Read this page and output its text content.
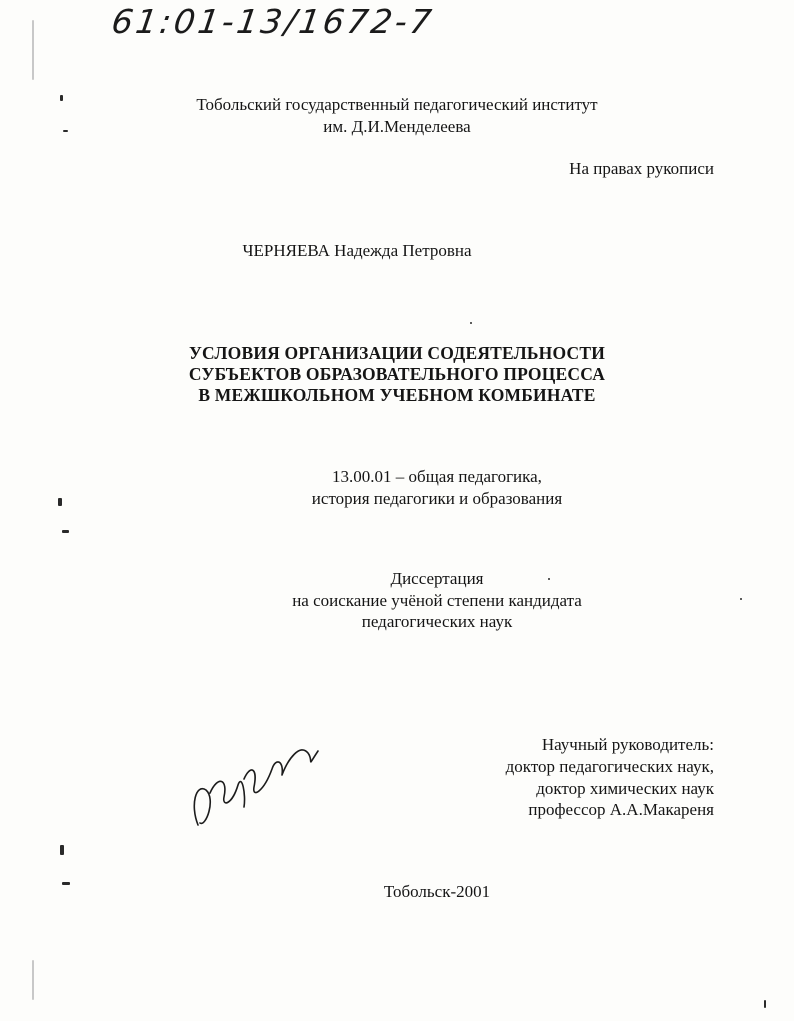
61:01-13/1672-7
Тобольский государственный педагогический институт
им. Д.И.Менделеева
На правах рукописи
ЧЕРНЯЕВА Надежда Петровна
УСЛОВИЯ ОРГАНИЗАЦИИ СОДЕЯТЕЛЬНОСТИ
СУБЪЕКТОВ ОБРАЗОВАТЕЛЬНОГО ПРОЦЕССА
В МЕЖШКОЛЬНОМ УЧЕБНОМ КОМБИНАТЕ
13.00.01 – общая педагогика,
история педагогики и образования
Диссертация
на соискание учёной степени кандидата
педагогических наук
Научный руководитель:
доктор педагогических наук,
доктор химических наук
профессор А.А.Макареня
Тобольск-2001
